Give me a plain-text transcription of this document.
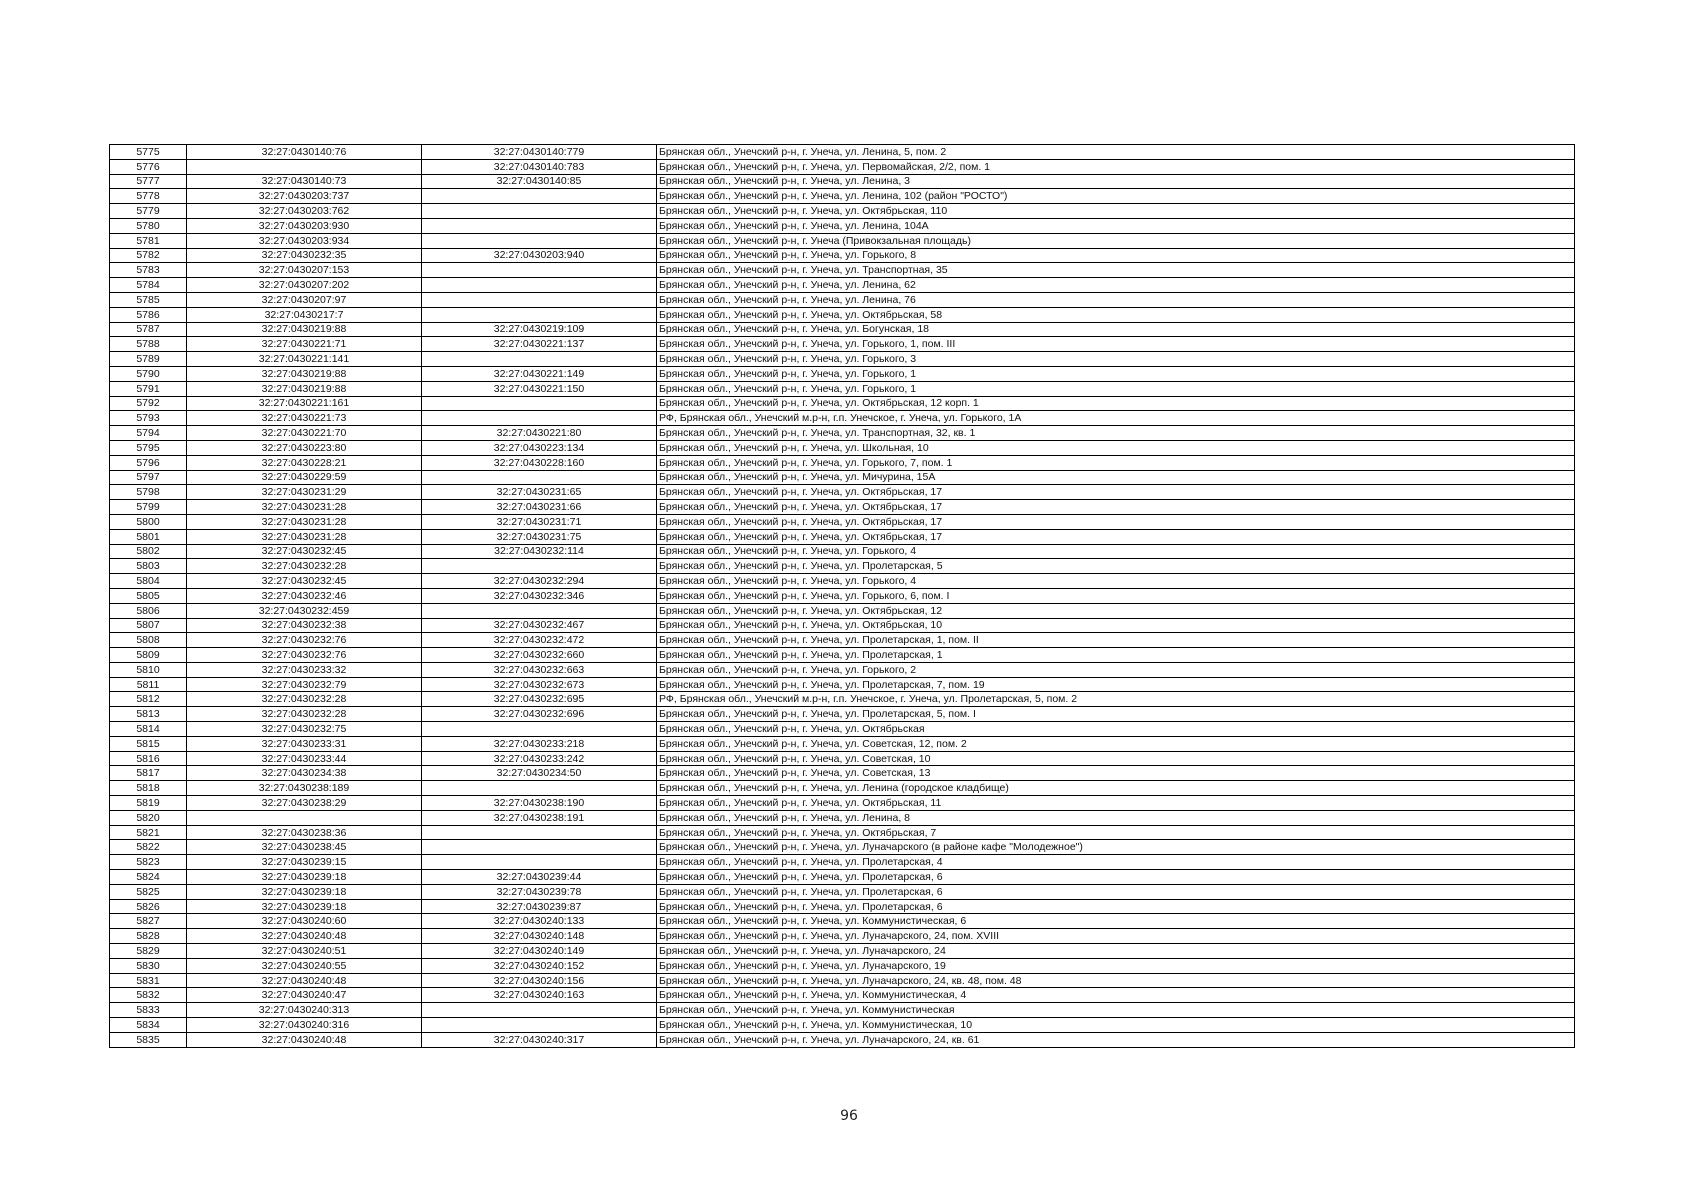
5775	32:27:0430140:76	32:27:0430140:779	Брянская обл., Унечский р-н, г. Унеча, ул. Ленина, 5, пом. 2
5776		32:27:0430140:783	Брянская обл., Унечский р-н, г. Унеча, ул. Первомайская, 2/2, пом. 1
5777	32:27:0430140:73	32:27:0430140:85	Брянская обл., Унечский р-н, г. Унеча, ул. Ленина, 3
5778	32:27:0430203:737		Брянская обл., Унечский р-н, г. Унеча, ул. Ленина, 102 (район "РОСТО")
5779	32:27:0430203:762		Брянская обл., Унечский р-н, г. Унеча, ул. Октябрьская, 110
5780	32:27:0430203:930		Брянская обл., Унечский р-н, г. Унеча, ул. Ленина, 104А
5781	32:27:0430203:934		Брянская обл., Унечский р-н, г. Унеча (Привокзальная площадь)
5782	32:27:0430232:35	32:27:0430203:940	Брянская обл., Унечский р-н, г. Унеча, ул. Горького, 8
5783	32:27:0430207:153		Брянская обл., Унечский р-н, г. Унеча, ул. Транспортная, 35
5784	32:27:0430207:202		Брянская обл., Унечский р-н, г. Унеча, ул. Ленина, 62
5785	32:27:0430207:97		Брянская обл., Унечский р-н, г. Унеча, ул. Ленина, 76
5786	32:27:0430217:7		Брянская обл., Унечский р-н, г. Унеча, ул. Октябрьская, 58
5787	32:27:0430219:88	32:27:0430219:109	Брянская обл., Унечский р-н, г. Унеча, ул. Богунская, 18
5788	32:27:0430221:71	32:27:0430221:137	Брянская обл., Унечский р-н, г. Унеча, ул. Горького, 1, пом. III
5789	32:27:0430221:141		Брянская обл., Унечский р-н, г. Унеча, ул. Горького, 3
5790	32:27:0430219:88	32:27:0430221:149	Брянская обл., Унечский р-н, г. Унеча, ул. Горького, 1
5791	32:27:0430219:88	32:27:0430221:150	Брянская обл., Унечский р-н, г. Унеча, ул. Горького, 1
5792	32:27:0430221:161		Брянская обл., Унечский р-н, г. Унеча, ул. Октябрьская, 12 корп. 1
5793	32:27:0430221:73		РФ, Брянская обл., Унечский м.р-н, г.п. Унечское, г. Унеча, ул. Горького, 1А
5794	32:27:0430221:70	32:27:0430221:80	Брянская обл., Унечский р-н, г. Унеча, ул. Транспортная, 32, кв. 1
5795	32:27:0430223:80	32:27:0430223:134	Брянская обл., Унечский р-н, г. Унеча, ул. Школьная, 10
5796	32:27:0430228:21	32:27:0430228:160	Брянская обл., Унечский р-н, г. Унеча, ул. Горького, 7, пом. 1
5797	32:27:0430229:59		Брянская обл., Унечский р-н, г. Унеча, ул. Мичурина, 15А
5798	32:27:0430231:29	32:27:0430231:65	Брянская обл., Унечский р-н, г. Унеча, ул. Октябрьская, 17
5799	32:27:0430231:28	32:27:0430231:66	Брянская обл., Унечский р-н, г. Унеча, ул. Октябрьская, 17
5800	32:27:0430231:28	32:27:0430231:71	Брянская обл., Унечский р-н, г. Унеча, ул. Октябрьская, 17
5801	32:27:0430231:28	32:27:0430231:75	Брянская обл., Унечский р-н, г. Унеча, ул. Октябрьская, 17
5802	32:27:0430232:45	32:27:0430232:114	Брянская обл., Унечский р-н, г. Унеча, ул. Горького, 4
5803	32:27:0430232:28		Брянская обл., Унечский р-н, г. Унеча, ул. Пролетарская, 5
5804	32:27:0430232:45	32:27:0430232:294	Брянская обл., Унечский р-н, г. Унеча, ул. Горького, 4
5805	32:27:0430232:46	32:27:0430232:346	Брянская обл., Унечский р-н, г. Унеча, ул. Горького, 6, пом. I
5806	32:27:0430232:459		Брянская обл., Унечский р-н, г. Унеча, ул. Октябрьская, 12
5807	32:27:0430232:38	32:27:0430232:467	Брянская обл., Унечский р-н, г. Унеча, ул. Октябрьская, 10
5808	32:27:0430232:76	32:27:0430232:472	Брянская обл., Унечский р-н, г. Унеча, ул. Пролетарская, 1, пом. II
5809	32:27:0430232:76	32:27:0430232:660	Брянская обл., Унечский р-н, г. Унеча, ул. Пролетарская, 1
5810	32:27:0430233:32	32:27:0430232:663	Брянская обл., Унечский р-н, г. Унеча, ул. Горького, 2
5811	32:27:0430232:79	32:27:0430232:673	Брянская обл., Унечский р-н, г. Унеча, ул. Пролетарская, 7, пом. 19
5812	32:27:0430232:28	32:27:0430232:695	РФ, Брянская обл., Унечский м.р-н, г.п. Унечское, г. Унеча, ул. Пролетарская, 5, пом. 2
5813	32:27:0430232:28	32:27:0430232:696	Брянская обл., Унечский р-н, г. Унеча, ул. Пролетарская, 5, пом. I
5814	32:27:0430232:75		Брянская обл., Унечский р-н, г. Унеча, ул. Октябрьская
5815	32:27:0430233:31	32:27:0430233:218	Брянская обл., Унечский р-н, г. Унеча, ул. Советская, 12, пом. 2
5816	32:27:0430233:44	32:27:0430233:242	Брянская обл., Унечский р-н, г. Унеча, ул. Советская, 10
5817	32:27:0430234:38	32:27:0430234:50	Брянская обл., Унечский р-н, г. Унеча, ул. Советская, 13
5818	32:27:0430238:189		Брянская обл., Унечский р-н, г. Унеча, ул. Ленина (городское кладбище)
5819	32:27:0430238:29	32:27:0430238:190	Брянская обл., Унечский р-н, г. Унеча, ул. Октябрьская, 11
5820		32:27:0430238:191	Брянская обл., Унечский р-н, г. Унеча, ул. Ленина, 8
5821	32:27:0430238:36		Брянская обл., Унечский р-н, г. Унеча, ул. Октябрьская, 7
5822	32:27:0430238:45		Брянская обл., Унечский р-н, г. Унеча, ул. Луначарского (в районе кафе "Молодежное")
5823	32:27:0430239:15		Брянская обл., Унечский р-н, г. Унеча, ул. Пролетарская, 4
5824	32:27:0430239:18	32:27:0430239:44	Брянская обл., Унечский р-н, г. Унеча, ул. Пролетарская, 6
5825	32:27:0430239:18	32:27:0430239:78	Брянская обл., Унечский р-н, г. Унеча, ул. Пролетарская, 6
5826	32:27:0430239:18	32:27:0430239:87	Брянская обл., Унечский р-н, г. Унеча, ул. Пролетарская, 6
5827	32:27:0430240:60	32:27:0430240:133	Брянская обл., Унечский р-н, г. Унеча, ул. Коммунистическая, 6
5828	32:27:0430240:48	32:27:0430240:148	Брянская обл., Унечский р-н, г. Унеча, ул. Луначарского, 24, пом. XVIII
5829	32:27:0430240:51	32:27:0430240:149	Брянская обл., Унечский р-н, г. Унеча, ул. Луначарского, 24
5830	32:27:0430240:55	32:27:0430240:152	Брянская обл., Унечский р-н, г. Унеча, ул. Луначарского, 19
5831	32:27:0430240:48	32:27:0430240:156	Брянская обл., Унечский р-н, г. Унеча, ул. Луначарского, 24, кв. 48, пом. 48
5832	32:27:0430240:47	32:27:0430240:163	Брянская обл., Унечский р-н, г. Унеча, ул. Коммунистическая, 4
5833	32:27:0430240:313		Брянская обл., Унечский р-н, г. Унеча, ул. Коммунистическая
5834	32:27:0430240:316		Брянская обл., Унечский р-н, г. Унеча, ул. Коммунистическая, 10
5835	32:27:0430240:48	32:27:0430240:317	Брянская обл., Унечский р-н, г. Унеча, ул. Луначарского, 24, кв. 61
96
